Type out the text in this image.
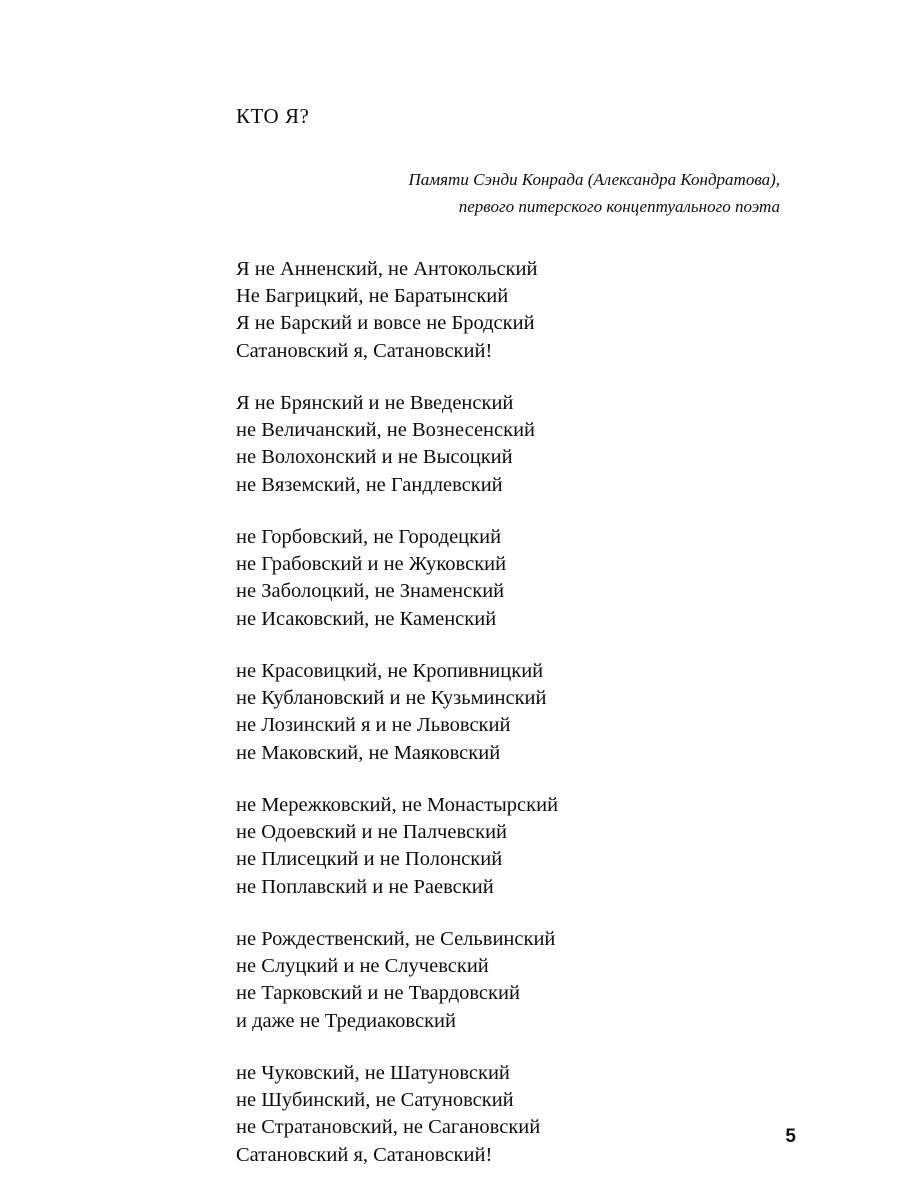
КТО Я?
Памяти Сэнди Конрада (Александра Кондратова),
первого питерского концептуального поэта
Я не Анненский, не Антокольский
Не Багрицкий, не Баратынский
Я не Барский и вовсе не Бродский
Сатановский я, Сатановский!
Я не Брянский и не Введенский
не Величанский, не Вознесенский
не Волохонский и не Высоцкий
не Вяземский, не Гандлевский
не Горбовский, не Городецкий
не Грабовский и не Жуковский
не Заболоцкий, не Знаменский
не Исаковский, не Каменский
не Красовицкий, не Кропивницкий
не Кублановский и не Кузьминский
не Лозинский я и не Львовский
не Маковский, не Маяковский
не Мережковский, не Монастырский
не Одоевский и не Палчевский
не Плисецкий и не Полонский
не Поплавский и не Раевский
не Рождественский, не Сельвинский
не Слуцкий и не Случевский
не Тарковский и не Твардовский
и даже не Тредиаковский
не Чуковский, не Шатуновский
не Шубинский, не Сатуновский
не Стратановский, не Сагановский
Сатановский я, Сатановский!
5
